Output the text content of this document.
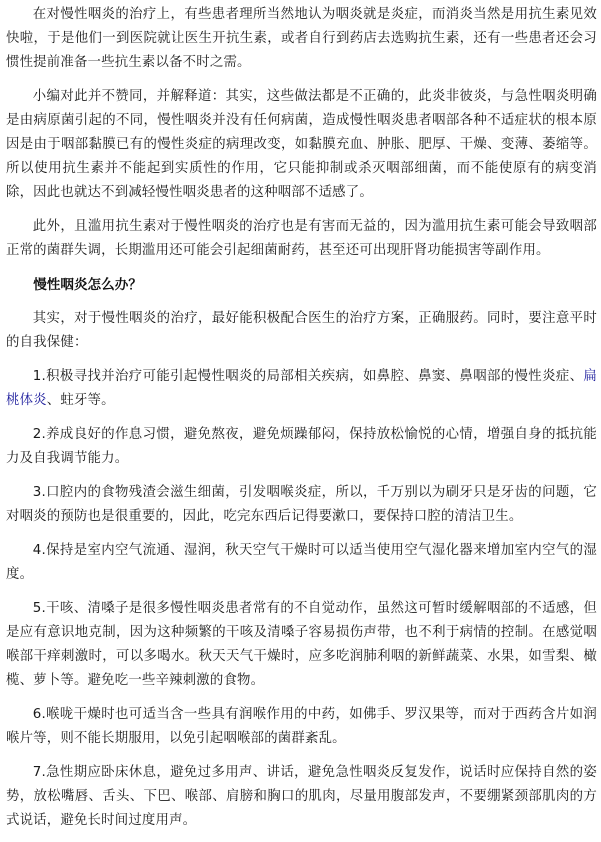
在对慢性咽炎的治疗上，有些患者理所当然地认为咽炎就是炎症，而消炎当然是用抗生素见效快啦，于是他们一到医院就让医生开抗生素，或者自行到药店去选购抗生素，还有一些患者还会习惯性提前准备一些抗生素以备不时之需。

小编对此并不赞同，并解释道：其实，这些做法都是不正确的，此炎非彼炎，与急性咽炎明确是由病原菌引起的不同，慢性咽炎并没有任何病菌，造成慢性咽炎患者咽部各种不适症状的根本原因是由于咽部黏膜已有的慢性炎症的病理改变，如黏膜充血、肿胀、肥厚、干燥、变薄、萎缩等。所以使用抗生素并不能起到实质性的作用，它只能抑制或杀灭咽部细菌，而不能使原有的病变消除，因此也就达不到减轻慢性咽炎患者的这种咽部不适感了。

此外，且滥用抗生素对于慢性咽炎的治疗也是有害而无益的，因为滥用抗生素可能会导致咽部正常的菌群失调，长期滥用还可能会引起细菌耐药，甚至还可出现肝肾功能损害等副作用。

慢性咽炎怎么办？

其实，对于慢性咽炎的治疗，最好能积极配合医生的治疗方案，正确服药。同时，要注意平时的自我保健：

1.积极寻找并治疗可能引起慢性咽炎的局部相关疾病，如鼻腔、鼻窦、鼻咽部的慢性炎症、扁桃体炎、蛀牙等。

2.养成良好的作息习惯，避免熬夜，避免烦躁郁闷，保持放松愉悦的心情，增强自身的抵抗能力及自我调节能力。

3.口腔内的食物残渣会滋生细菌，引发咽喉炎症，所以，千万别以为刷牙只是牙齿的问题，它对咽炎的预防也是很重要的，因此，吃完东西后记得要漱口，要保持口腔的清洁卫生。

4.保持是室内空气流通、湿润，秋天空气干燥时可以适当使用空气湿化器来增加室内空气的湿度。

5.干咳、清嗓子是很多慢性咽炎患者常有的不自觉动作，虽然这可暂时缓解咽部的不适感，但是应有意识地克制，因为这种频繁的干咳及清嗓子容易损伤声带，也不利于病情的控制。在感觉咽喉部干痒刺激时，可以多喝水。秋天天气干燥时，应多吃润肺利咽的新鲜蔬菜、水果，如雪梨、橄榄、萝卜等。避免吃一些辛辣刺激的食物。

6.喉咙干燥时也可适当含一些具有润喉作用的中药，如佛手、罗汉果等，而对于西药含片如润喉片等，则不能长期服用，以免引起咽喉部的菌群紊乱。

7.急性期应卧床休息，避免过多用声、讲话，避免急性咽炎反复发作，说话时应保持自然的姿势，放松嘴唇、舌头、下巴、喉部、肩膀和胸口的肌肉，尽量用腹部发声，不要绷紧颈部肌肉的方式说话，避免长时间过度用声。
